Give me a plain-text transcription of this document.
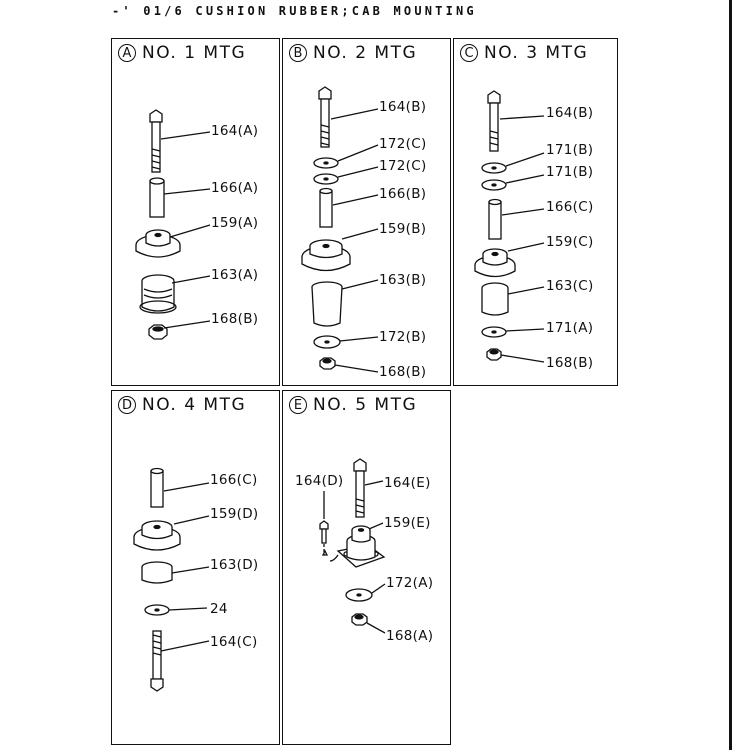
-' 01/6 CUSHION RUBBER;CAB MOUNTING
A NO. 1 MTG
164(A)
166(A)
159(A)
163(A)
168(B)
B NO. 2 MTG
164(B)
172(C)
172(C)
166(B)
159(B)
163(B)
172(B)
168(B)
C NO. 3 MTG
164(B)
171(B)
171(B)
166(C)
159(C)
163(C)
171(A)
168(B)
D NO. 4 MTG
166(C)
159(D)
163(D)
24
164(C)
E NO. 5 MTG
164(D)	164(E)
159(E)
172(A)
168(A)
